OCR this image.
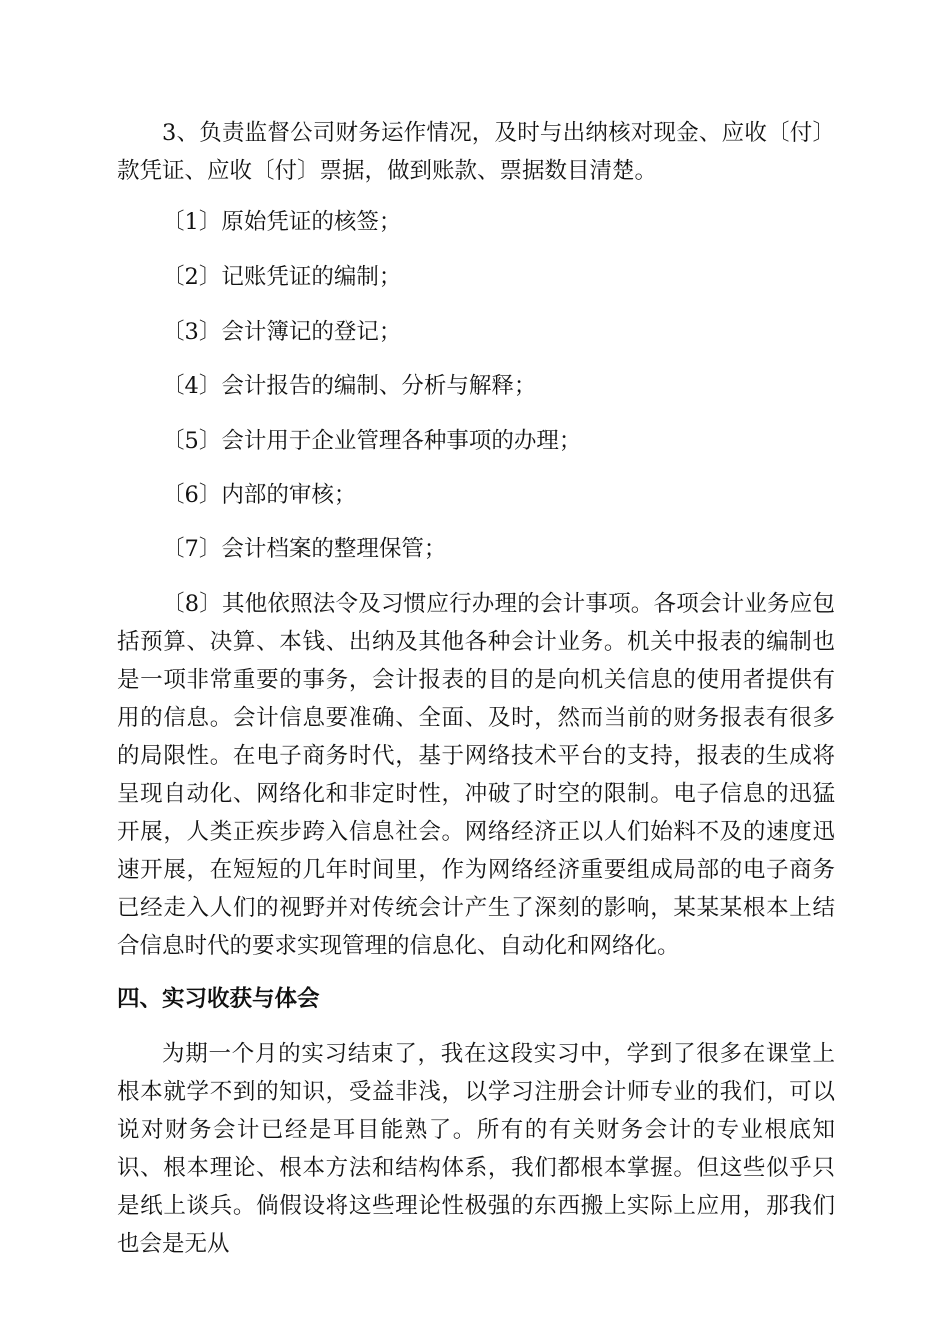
3、负责监督公司财务运作情况，及时与出纳核对现金、应收〔付〕款凭证、应收〔付〕票据，做到账款、票据数目清楚。

〔1〕原始凭证的核签；

〔2〕记账凭证的编制；

〔3〕会计簿记的登记；

〔4〕会计报告的编制、分析与解释；

〔5〕会计用于企业管理各种事项的办理；

〔6〕内部的审核；

〔7〕会计档案的整理保管；

〔8〕其他依照法令及习惯应行办理的会计事项。各项会计业务应包括预算、决算、本钱、出纳及其他各种会计业务。机关中报表的编制也是一项非常重要的事务，会计报表的目的是向机关信息的使用者提供有用的信息。会计信息要准确、全面、及时，然而当前的财务报表有很多的局限性。在电子商务时代，基于网络技术平台的支持，报表的生成将呈现自动化、网络化和非定时性，冲破了时空的限制。电子信息的迅猛开展，人类正疾步跨入信息社会。网络经济正以人们始料不及的速度迅速开展，在短短的几年时间里，作为网络经济重要组成局部的电子商务已经走入人们的视野并对传统会计产生了深刻的影响，某某某根本上结合信息时代的要求实现管理的信息化、自动化和网络化。

四、实习收获与体会

为期一个月的实习结束了，我在这段实习中，学到了很多在课堂上根本就学不到的知识，受益非浅，以学习注册会计师专业的我们，可以说对财务会计已经是耳目能熟了。所有的有关财务会计的专业根底知识、根本理论、根本方法和结构体系，我们都根本掌握。但这些似乎只是纸上谈兵。倘假设将这些理论性极强的东西搬上实际上应用，那我们也会是无从
